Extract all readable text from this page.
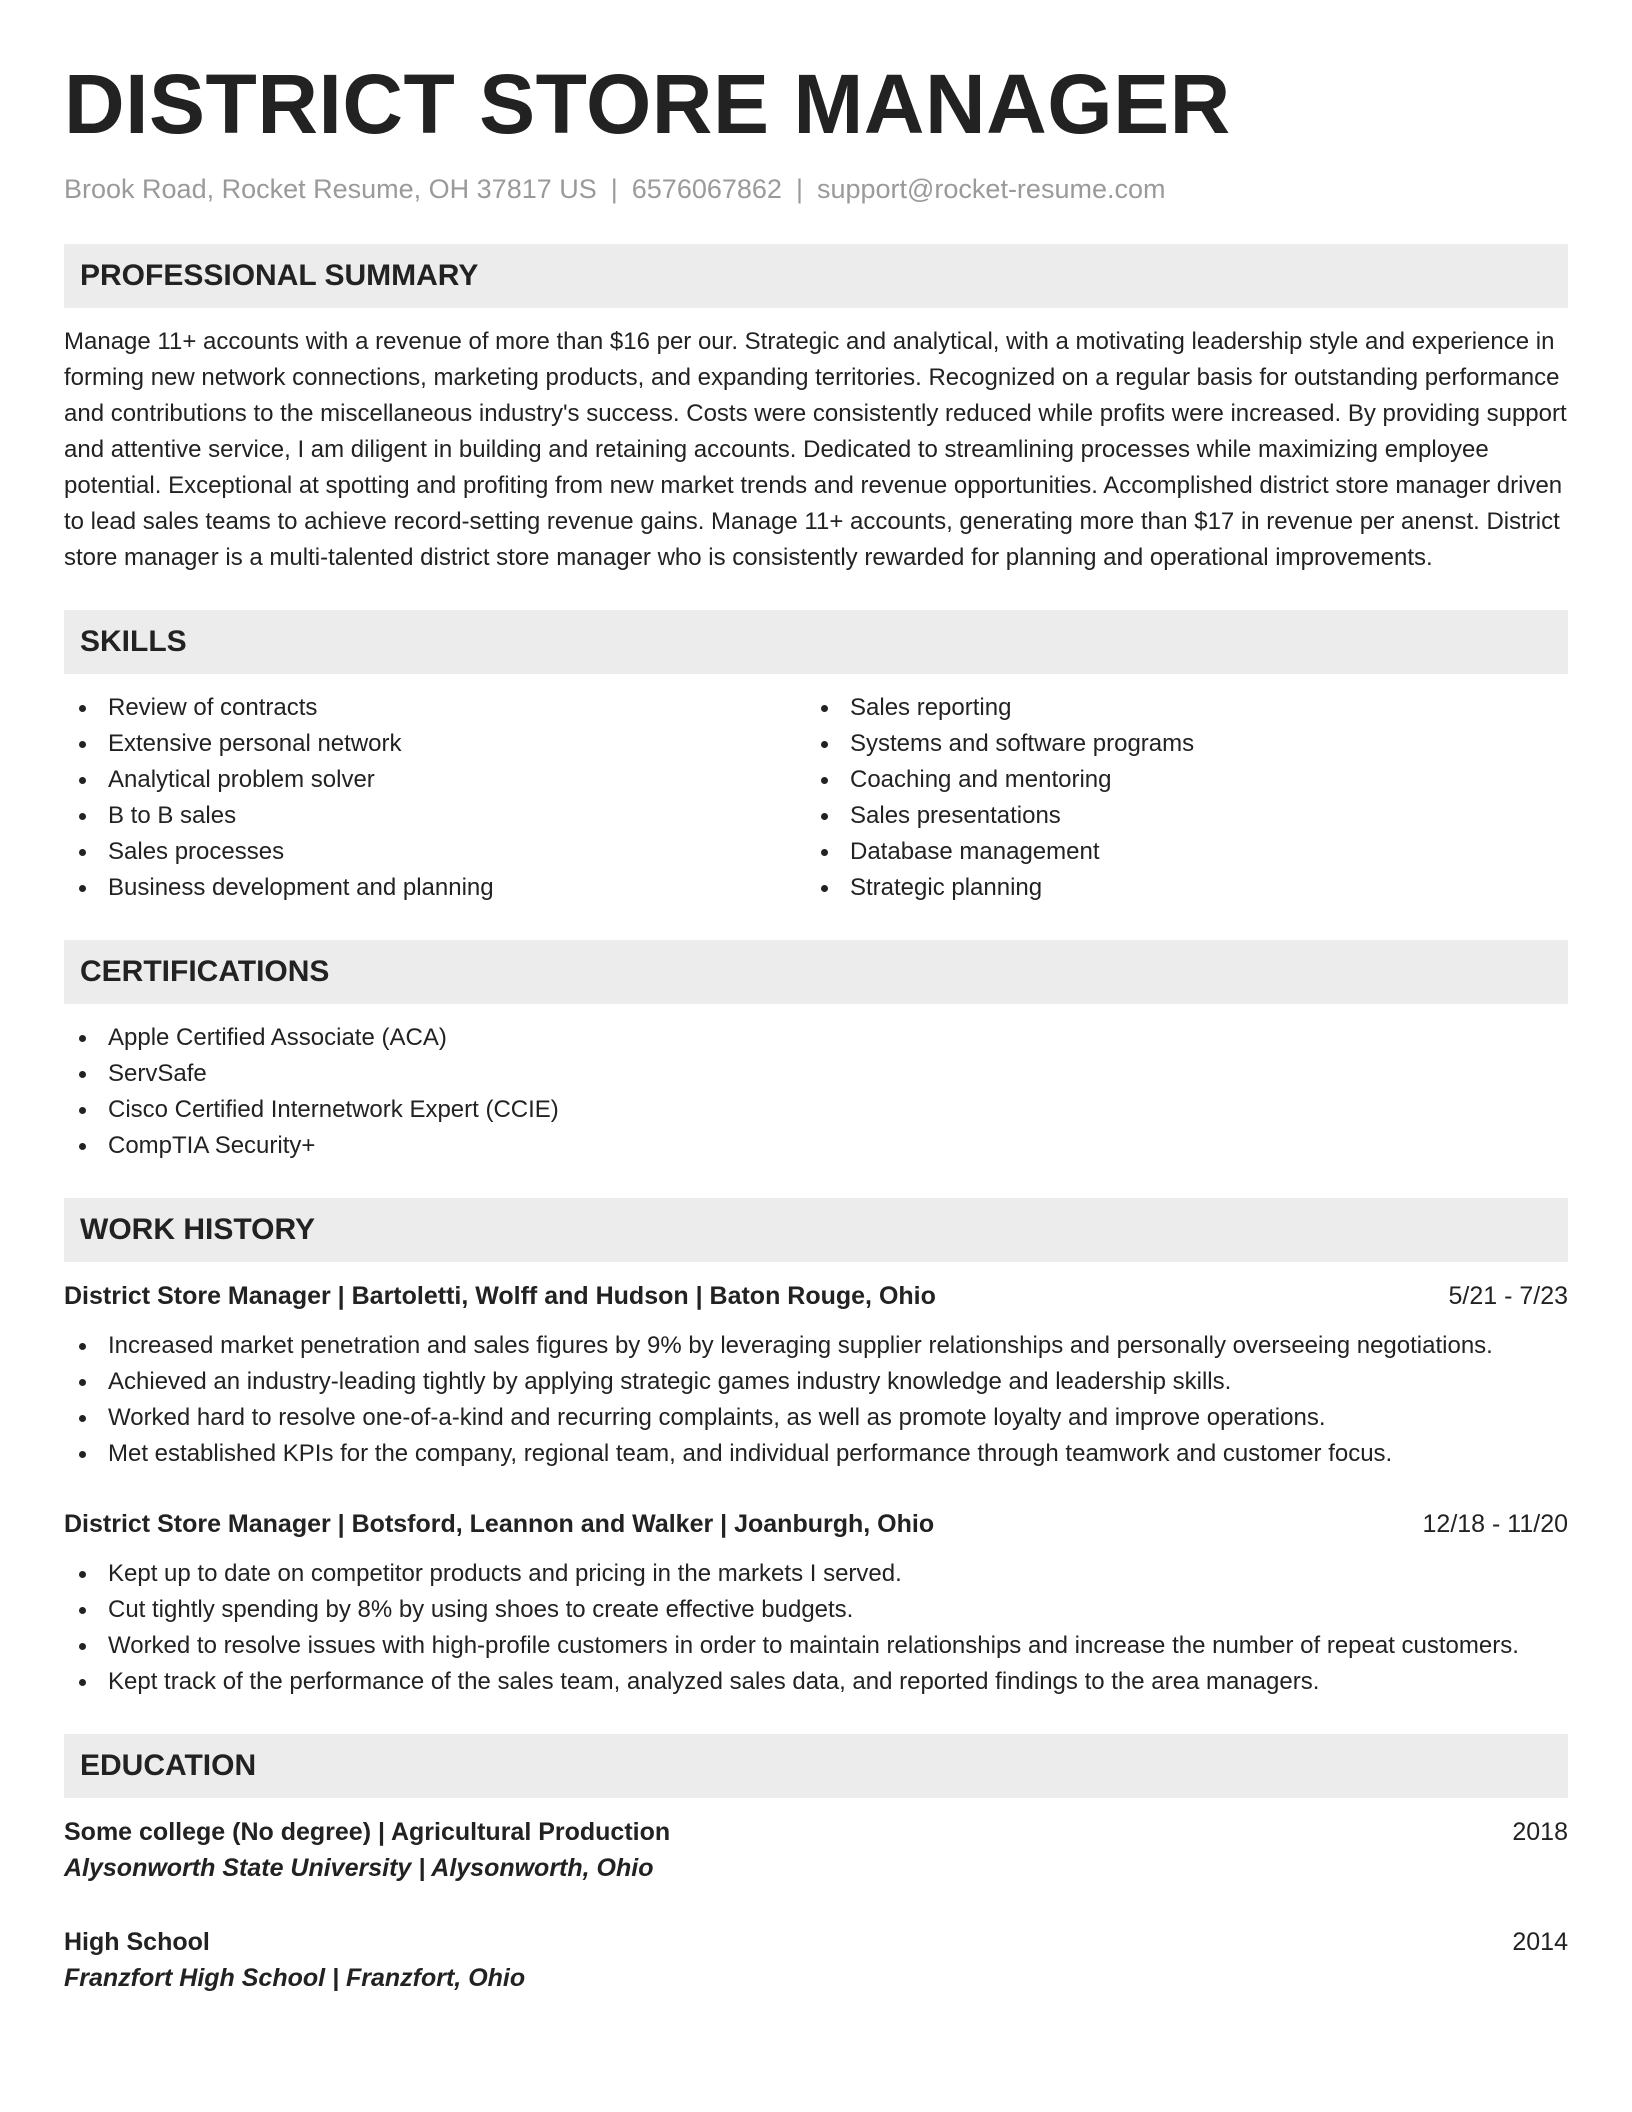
DISTRICT STORE MANAGER
Brook Road, Rocket Resume, OH 37817 US | 6576067862 | support@rocket-resume.com
PROFESSIONAL SUMMARY

Manage 11+ accounts with a revenue of more than $16 per our. Strategic and analytical, with a motivating leadership style and experience in forming new network connections, marketing products, and expanding territories. Recognized on a regular basis for outstanding performance and contributions to the miscellaneous industry's success. Costs were consistently reduced while profits were increased. By providing support and attentive service, I am diligent in building and retaining accounts. Dedicated to streamlining processes while maximizing employee potential. Exceptional at spotting and profiting from new market trends and revenue opportunities. Accomplished district store manager driven to lead sales teams to achieve record-setting revenue gains. Manage 11+ accounts, generating more than $17 in revenue per anenst. District store manager is a multi-talented district store manager who is consistently rewarded for planning and operational improvements.

SKILLS
Review of contracts
Extensive personal network
Analytical problem solver
B to B sales
Sales processes
Business development and planning
Sales reporting
Systems and software programs
Coaching and mentoring
Sales presentations
Database management
Strategic planning
CERTIFICATIONS
Apple Certified Associate (ACA)
ServSafe
Cisco Certified Internetwork Expert (CCIE)
CompTIA Security+
WORK HISTORY
District Store Manager | Bartoletti, Wolff and Hudson | Baton Rouge, Ohio	5/21 - 7/23
Increased market penetration and sales figures by 9% by leveraging supplier relationships and personally overseeing negotiations.
Achieved an industry-leading tightly by applying strategic games industry knowledge and leadership skills.
Worked hard to resolve one-of-a-kind and recurring complaints, as well as promote loyalty and improve operations.
Met established KPIs for the company, regional team, and individual performance through teamwork and customer focus.
District Store Manager | Botsford, Leannon and Walker | Joanburgh, Ohio	12/18 - 11/20
Kept up to date on competitor products and pricing in the markets I served.
Cut tightly spending by 8% by using shoes to create effective budgets.
Worked to resolve issues with high-profile customers in order to maintain relationships and increase the number of repeat customers.
Kept track of the performance of the sales team, analyzed sales data, and reported findings to the area managers.
EDUCATION
Some college (No degree) | Agricultural Production	2018
Alysonworth State University | Alysonworth, Ohio
High School	2014
Franzfort High School | Franzfort, Ohio
